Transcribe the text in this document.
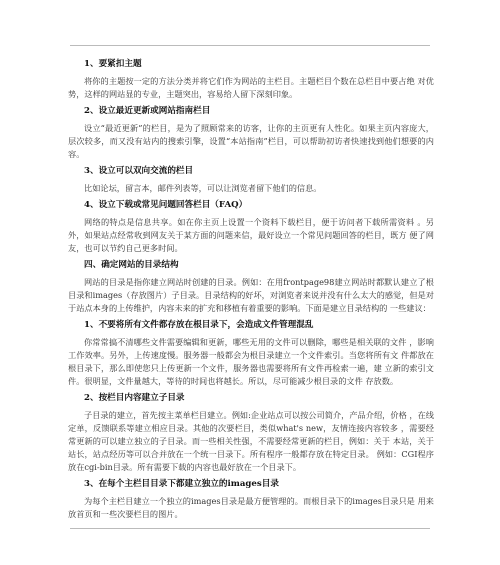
1、要紧扣主题
将你的主题按一定的方法分类并将它们作为网站的主栏目。主题栏目个数在总栏目中要占绝 对优势，这样的网站显的专业，主题突出，容易给人留下深刻印象。
2、设立最近更新或网站指南栏目
设立“最近更新”的栏目，是为了照顾常来的访客，让你的主页更有人性化。如果主页内容庞大，层次较多，而又没有站内的搜索引擎，设置“本站指南”栏目，可以帮助初访者快速找到他们想要的内容。
3、设立可以双向交流的栏目
比如论坛，留言本，邮件列表等，可以让浏览者留下他们的信息。
4、设立下载或常见问题回答栏目（FAQ）
网络的特点是信息共享。如在你主页上设置一个资料下载栏目，便于访问者下载所需资料 。另外，如果站点经常收到网友关于某方面的问题来信，最好设立一个常见问题回答的栏目，既方 便了网友，也可以节约自己更多时间。
四、确定网站的目录结构
网站的目录是指你建立网站时创建的目录。例如：在用frontpage98建立网站时都默认建立了根目录和images（存放图片）子目录。目录结构的好坏，对浏览者来说并没有什么太大的感觉，但是对于站点本身的上传维护，内容未来的扩充和移植有着重要的影响。下面是建立目录结构的 一些建议：
1、不要将所有文件都存放在根目录下，会造成文件管理混乱
你常常搞不清哪些文件需要编辑和更新，哪些无用的文件可以删除，哪些是相关联的文件 ，影响工作效率。另外，上传速度慢。服务器一般都会为根目录建立一个文件索引。当您将所有文 件都放在根目录下，那么即使您只上传更新一个文件，服务器也需要将所有文件再检索一遍，建 立新的索引文件。很明显，文件量越大，等待的时间也将越长。所以，尽可能减少根目录的文件 存放数。
2、按栏目内容建立子目录
子目录的建立，首先按主菜单栏目建立。例如:企业站点可以按公司简介，产品介绍，价格 ，在线定单，反馈联系等建立相应目录。其他的次要栏目，类似what's new，友情连接内容较多 ，需要经常更新的可以建立独立的子目录。而一些相关性强，不需要经常更新的栏目，例如：关于 本站，关于站长，站点经历等可以合并放在一个统一目录下。所有程序一般都存放在特定目录。 例如：CGI程序放在cgi-bin目录。所有需要下载的内容也最好放在一个目录下。
3、在每个主栏目目录下都建立独立的images目录
为每个主栏目建立一个独立的images目录是最方便管理的。而根目录下的images目录只是 用来放首页和一些次要栏目的图片。
